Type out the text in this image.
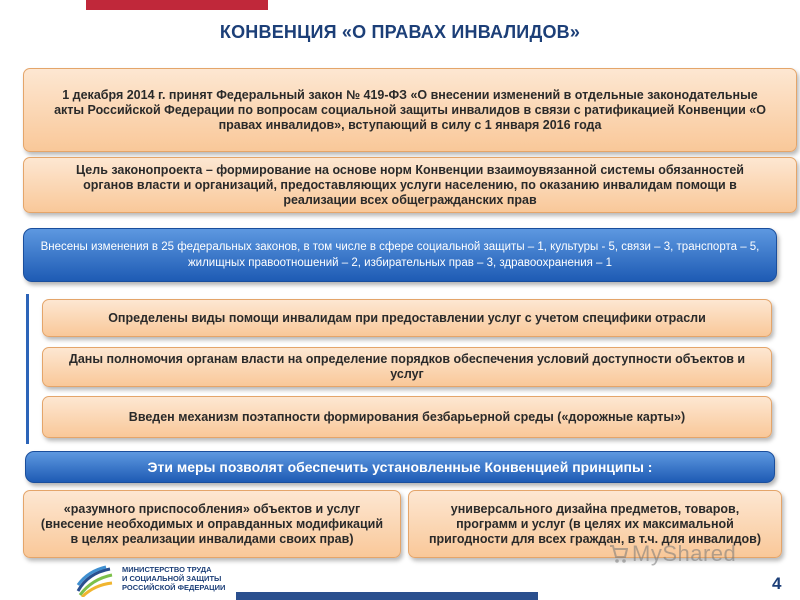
КОНВЕНЦИЯ «О ПРАВАХ ИНВАЛИДОВ»
1 декабря 2014 г. принят Федеральный закон № 419-ФЗ «О внесении изменений в отдельные законодательные акты Российской Федерации по вопросам социальной защиты инвалидов в связи с ратификацией Конвенции «О правах инвалидов», вступающий в силу с 1 января 2016 года
Цель законопроекта – формирование на основе норм Конвенции взаимоувязанной системы обязанностей органов власти и организаций, предоставляющих услуги населению, по оказанию инвалидам помощи в реализации всех общегражданских прав
Внесены изменения в 25 федеральных законов, в том числе в сфере социальной защиты – 1, культуры - 5, связи – 3, транспорта – 5, жилищных правоотношений – 2, избирательных прав – 3, здравоохранения – 1
Определены виды помощи инвалидам при предоставлении услуг с учетом специфики отрасли
Даны полномочия органам власти на определение порядков обеспечения условий доступности объектов и услуг
Введен механизм поэтапности формирования безбарьерной среды («дорожные карты»)
Эти меры позволят обеспечить установленные Конвенцией принципы :
«разумного приспособления» объектов и услуг (внесение необходимых и оправданных модификаций в целях реализации инвалидами своих прав)
универсального дизайна предметов, товаров, программ и услуг (в целях их максимальной пригодности для всех граждан, в т.ч. для инвалидов)
МИНИСТЕРСТВО ТРУДА
И СОЦИАЛЬНОЙ ЗАЩИТЫ
РОССИЙСКОЙ ФЕДЕРАЦИИ
MyShared
4
